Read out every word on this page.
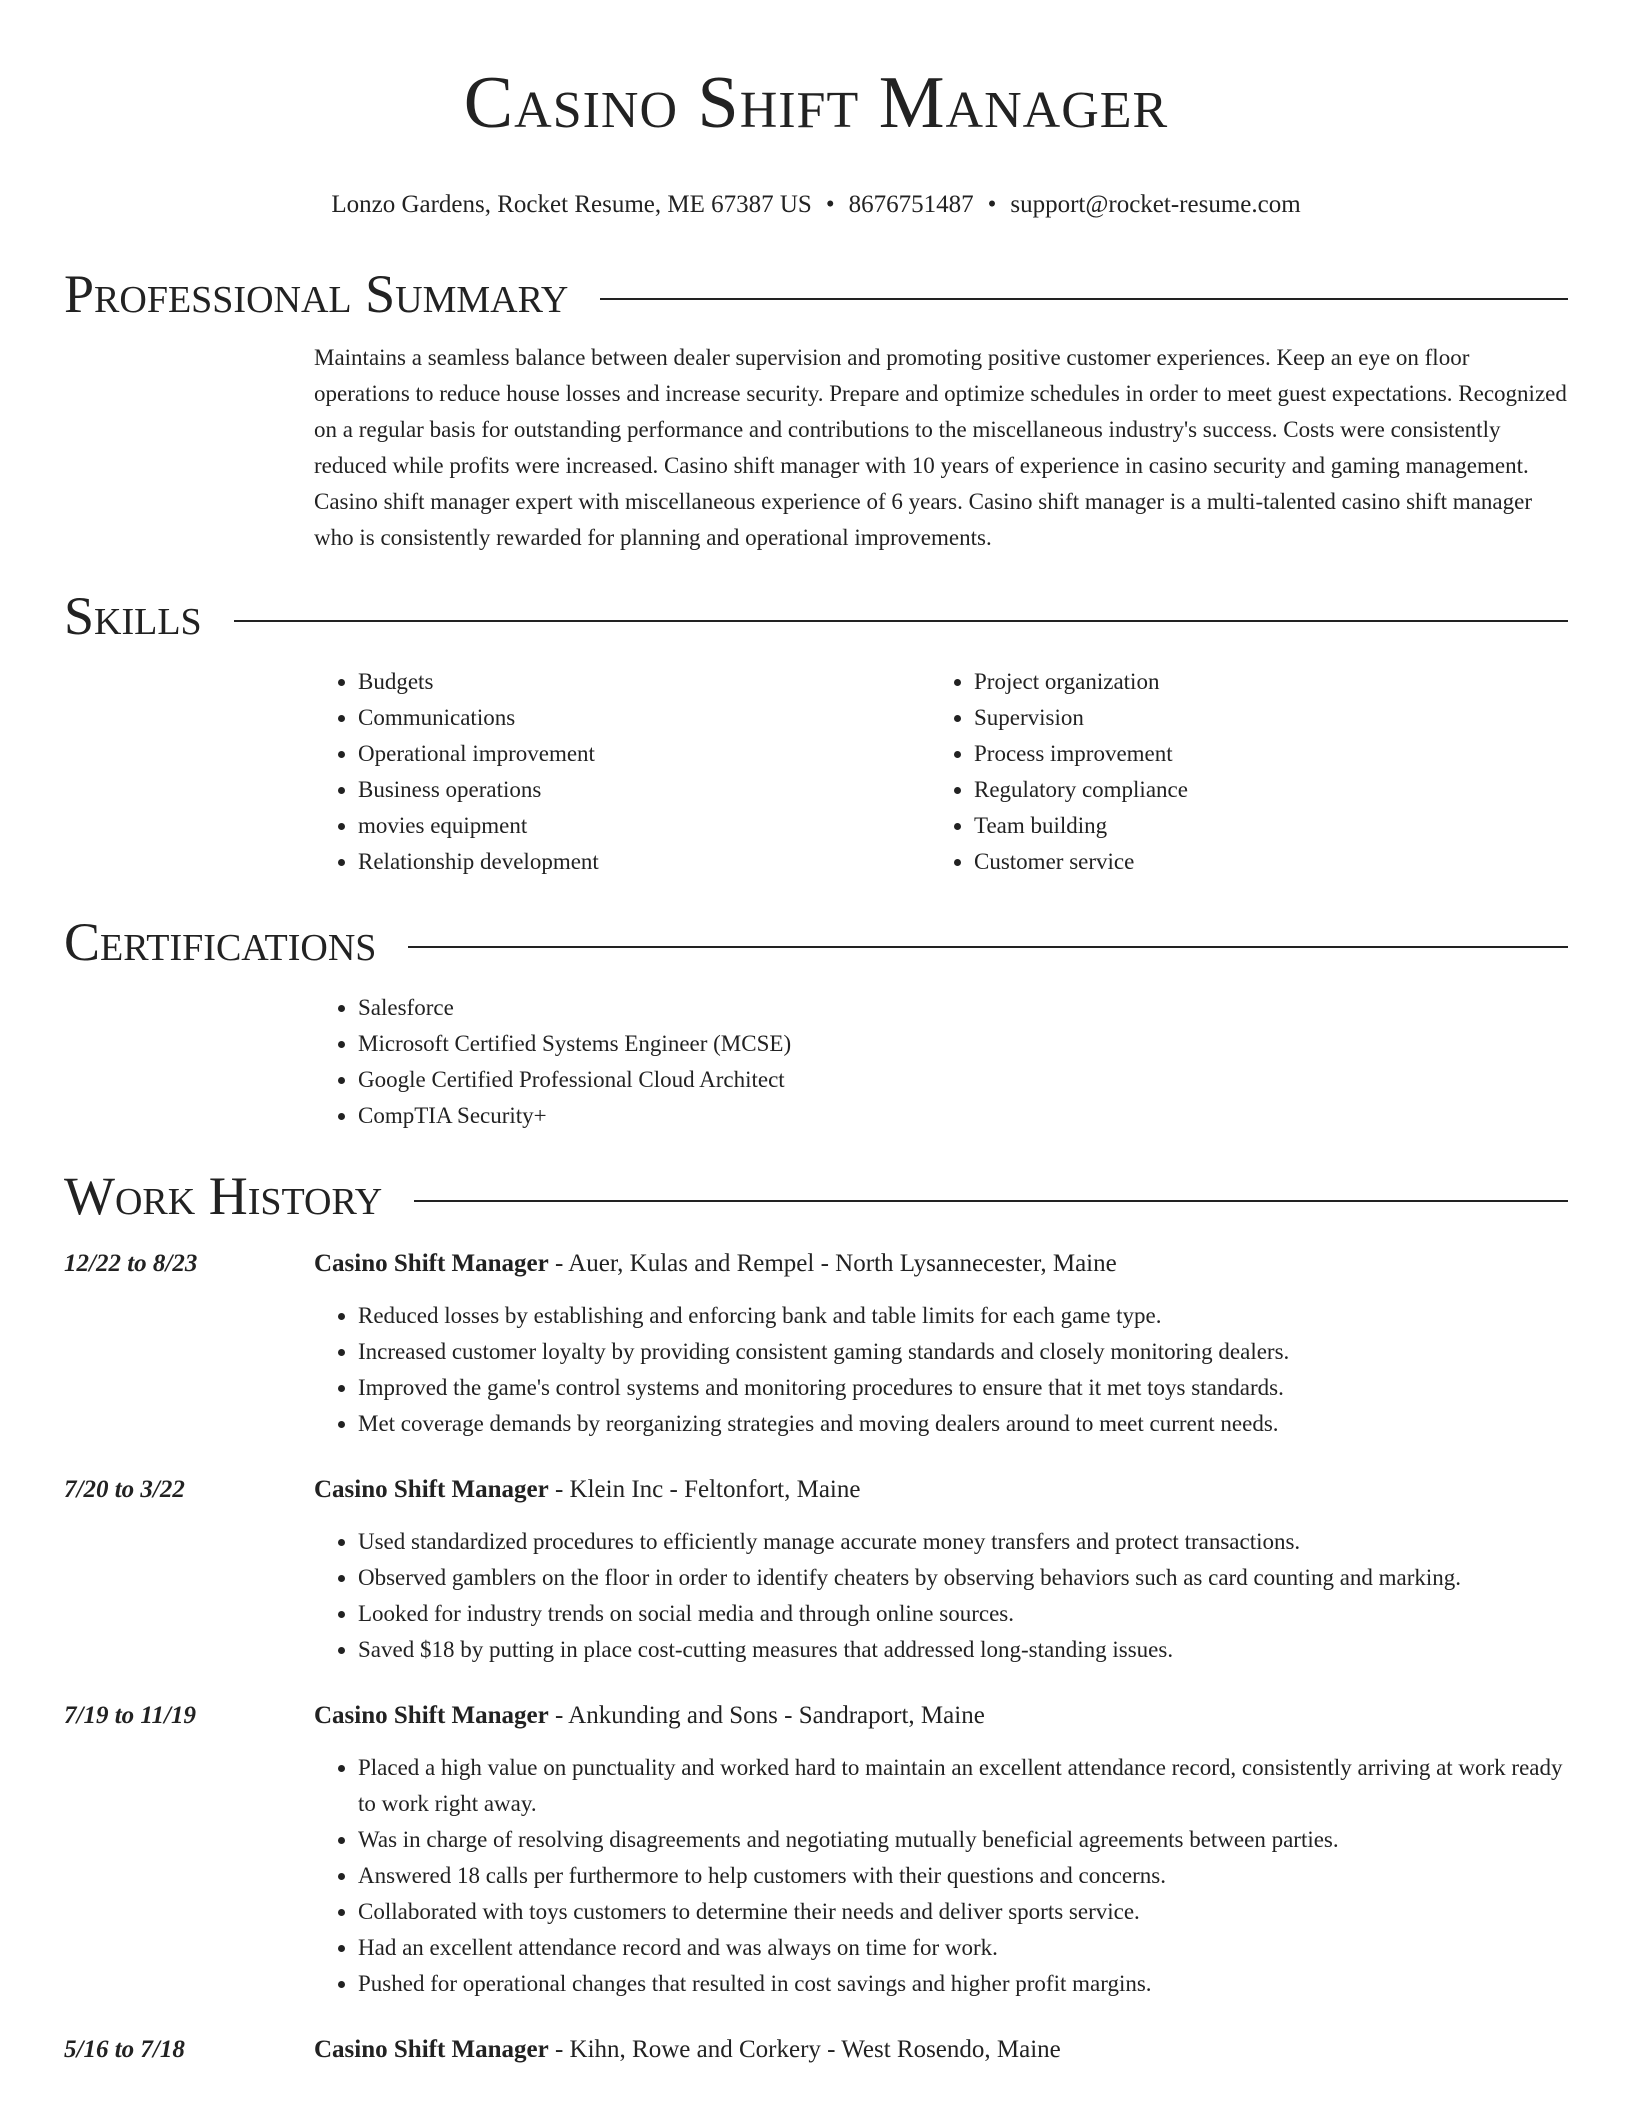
Casino Shift Manager
Lonzo Gardens, Rocket Resume, ME 67387 US • 8676751487 • support@rocket-resume.com
Professional Summary
Maintains a seamless balance between dealer supervision and promoting positive customer experiences. Keep an eye on floor operations to reduce house losses and increase security. Prepare and optimize schedules in order to meet guest expectations. Recognized on a regular basis for outstanding performance and contributions to the miscellaneous industry's success. Costs were consistently reduced while profits were increased. Casino shift manager with 10 years of experience in casino security and gaming management. Casino shift manager expert with miscellaneous experience of 6 years. Casino shift manager is a multi-talented casino shift manager who is consistently rewarded for planning and operational improvements.
Skills
• Budgets
• Communications
• Operational improvement
• Business operations
• movies equipment
• Relationship development
• Project organization
• Supervision
• Process improvement
• Regulatory compliance
• Team building
• Customer service
Certifications
• Salesforce
• Microsoft Certified Systems Engineer (MCSE)
• Google Certified Professional Cloud Architect
• CompTIA Security+
Work History
12/22 to 8/23	Casino Shift Manager - Auer, Kulas and Rempel - North Lysannecester, Maine
• Reduced losses by establishing and enforcing bank and table limits for each game type.
• Increased customer loyalty by providing consistent gaming standards and closely monitoring dealers.
• Improved the game's control systems and monitoring procedures to ensure that it met toys standards.
• Met coverage demands by reorganizing strategies and moving dealers around to meet current needs.
7/20 to 3/22	Casino Shift Manager - Klein Inc - Feltonfort, Maine
• Used standardized procedures to efficiently manage accurate money transfers and protect transactions.
• Observed gamblers on the floor in order to identify cheaters by observing behaviors such as card counting and marking.
• Looked for industry trends on social media and through online sources.
• Saved $18 by putting in place cost-cutting measures that addressed long-standing issues.
7/19 to 11/19	Casino Shift Manager - Ankunding and Sons - Sandraport, Maine
• Placed a high value on punctuality and worked hard to maintain an excellent attendance record, consistently arriving at work ready to work right away.
• Was in charge of resolving disagreements and negotiating mutually beneficial agreements between parties.
• Answered 18 calls per furthermore to help customers with their questions and concerns.
• Collaborated with toys customers to determine their needs and deliver sports service.
• Had an excellent attendance record and was always on time for work.
• Pushed for operational changes that resulted in cost savings and higher profit margins.
5/16 to 7/18	Casino Shift Manager - Kihn, Rowe and Corkery - West Rosendo, Maine
